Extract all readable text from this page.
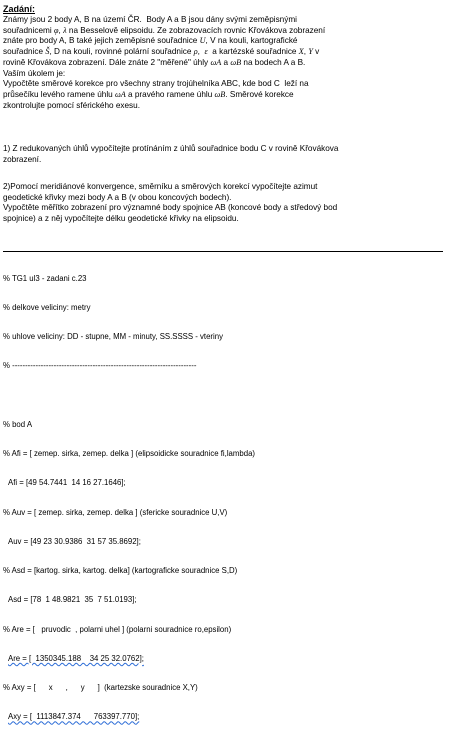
Zadání:
Známy jsou 2 body A, B na území ČR.  Body A a B jsou dány svými zeměpisnými
souřadnicemi φ, λ na Besselově elipsoidu. Ze zobrazovacích rovnic Křovákova zobrazení
znáte pro body A, B také jejich zeměpisné souřadnice U, V na kouli, kartografické
souřadnice Š, D na kouli, rovinné polární souřadnice ρ,  ε  a kartézské souřadnice X, Y v
rovině Křovákova zobrazení. Dále znáte 2 "měřené" úhly ωA a ωB na bodech A a B.
Vaším úkolem je:
Vypočtěte směrové korekce pro všechny strany trojúhelníka ABC, kde bod C  leží na
průsečíku levého ramene úhlu ωA a pravého ramene úhlu ωB. Směrové korekce
zkontrolujte pomocí sférického exesu.
1) Z redukovaných úhlů vypočítejte protínáním z úhlů souřadnice bodu C v rovině Křovákova
zobrazení.
2)Pomocí meridiánové konvergence, směrníku a směrových korekcí vypočítejte azimut
geodetické křivky mezi body A a B (v obou koncových bodech).
Vypočtěte měřítko zobrazení pro významné body spojnice AB (koncové body a středový bod
spojnice) a z něj vypočítejte délku geodetické křivky na elipsoidu.

% TG1 ul3 - zadani c.23

% delkove veliciny: metry

% uhlove veliciny: DD - stupne, MM - minuty, SS.SSSS - vteriny

% -----------------------------------------------------------------------

% bod A

% Afi = [ zemep. sirka, zemep. delka ] (elipsoidicke souradnice fi,lambda)

Afi = [49 54.7441  14 16 27.1646];

% Auv = [ zemep. sirka, zemep. delka ] (sfericke souradnice U,V)

Auv = [49 23 30.9386  31 57 35.8692];

% Asd = [kartog. sirka, kartog. delka] (kartograficke souradnice S,D)

Asd = [78  1 48.9821  35  7 51.0193];

% Are = [   pruvodic  , polarni uhel ] (polarni souradnice ro,epsilon)

Are = [  1350345.188    34 25 32.0762];

% Axy = [      x      ,      y      ]  (kartezske souradnice X,Y)

Axy = [  1113847.374      763397.770];
